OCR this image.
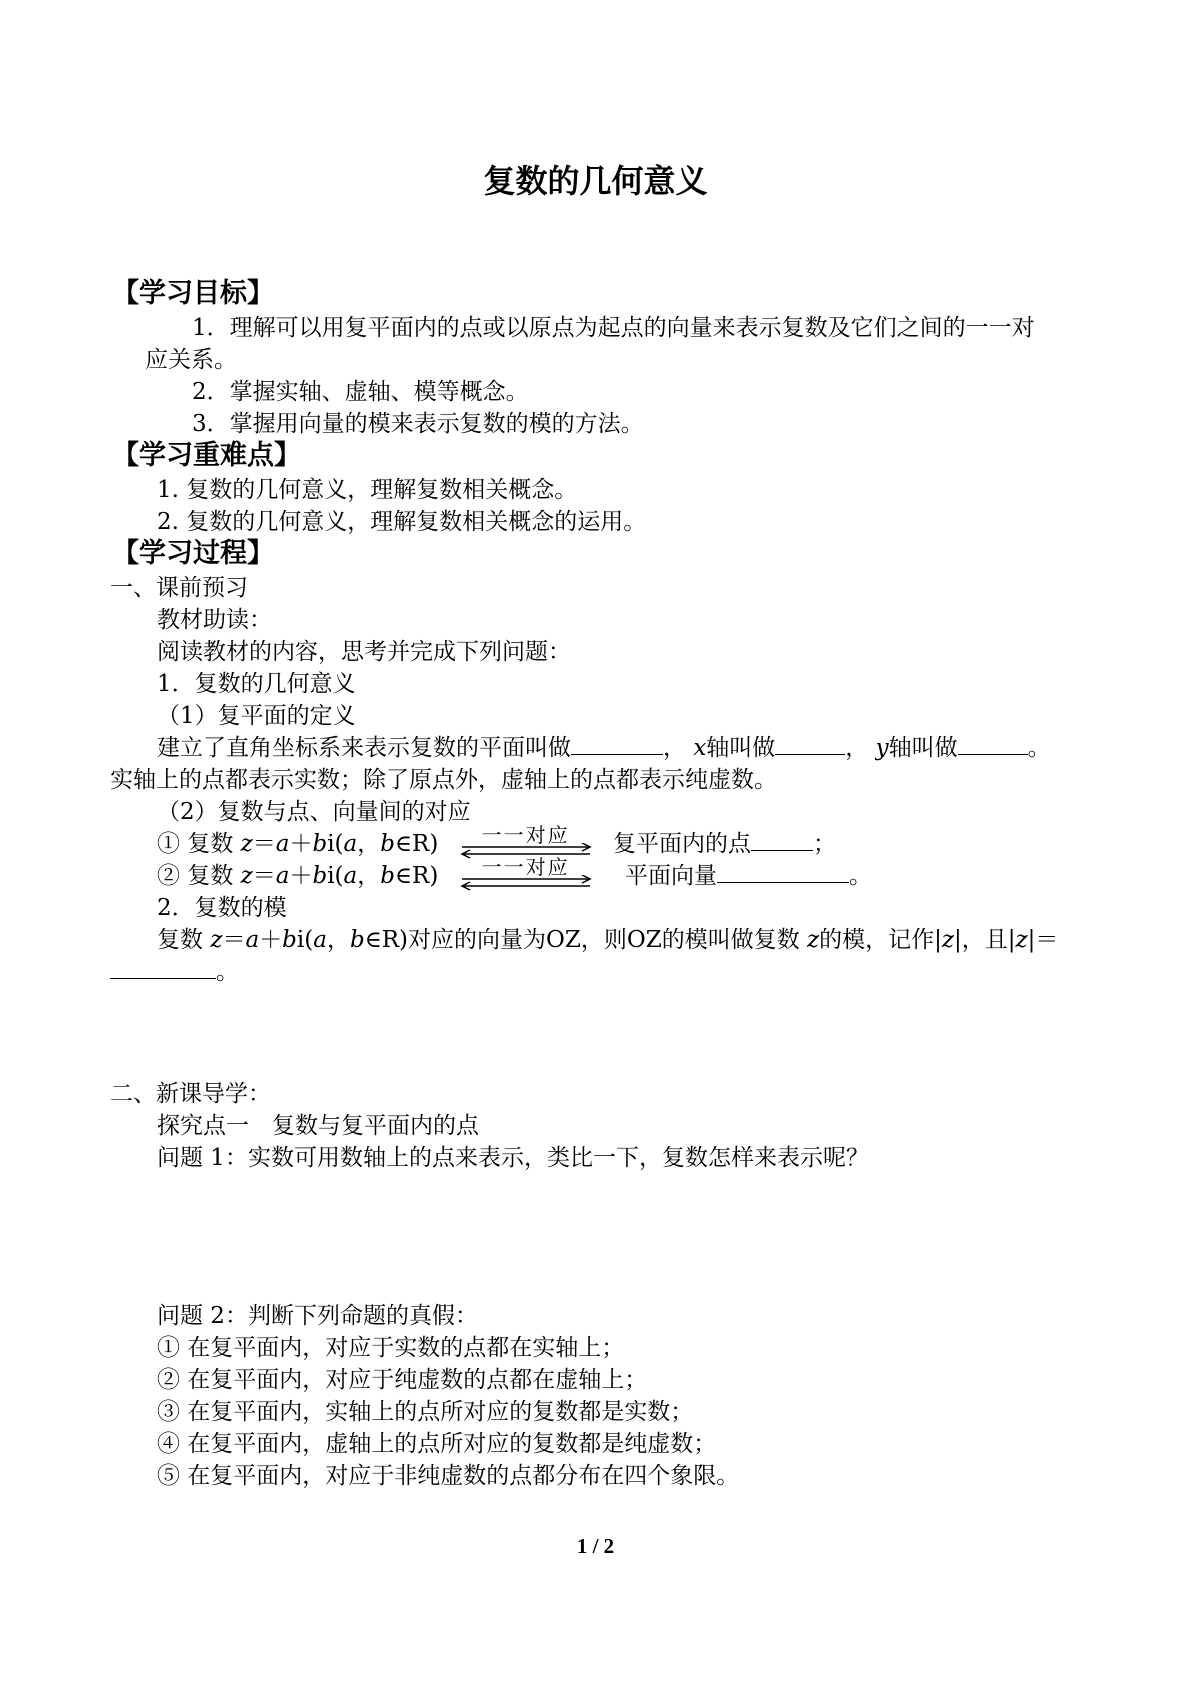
复数的几何意义
【学习目标】
1．理解可以用复平面内的点或以原点为起点的向量来表示复数及它们之间的一一对
应关系。
2．掌握实轴、虚轴、模等概念。
3．掌握用向量的模来表示复数的模的方法。
【学习重难点】
1. 复数的几何意义，理解复数相关概念。
2. 复数的几何意义，理解复数相关概念的运用。
【学习过程】
一、课前预习
教材助读：
阅读教材的内容，思考并完成下列问题：
1．复数的几何意义
（1）复平面的定义
建立了直角坐标系来表示复数的平面叫做	， x轴叫做	， y轴叫做	。
实轴上的点都表示实数；除了原点外，虚轴上的点都表示纯虚数。
（2）复数与点、向量间的对应
① 复数 z＝a＋bi(a，b∈R)	一一对应	复平面内的点	；
② 复数 z＝a＋bi(a，b∈R)	一一对应	平面向量	。
2．复数的模
复数 z＝a＋bi(a，b∈R)对应的向量为OZ，则OZ的模叫做复数 z的模，记作|z|，且|z|＝
。
二、新课导学：
探究点一　复数与复平面内的点
问题 1：实数可用数轴上的点来表示，类比一下，复数怎样来表示呢？
问题 2：判断下列命题的真假：
① 在复平面内，对应于实数的点都在实轴上；
② 在复平面内，对应于纯虚数的点都在虚轴上；
③ 在复平面内，实轴上的点所对应的复数都是实数；
④ 在复平面内，虚轴上的点所对应的复数都是纯虚数；
⑤ 在复平面内，对应于非纯虚数的点都分布在四个象限。
1 / 2
